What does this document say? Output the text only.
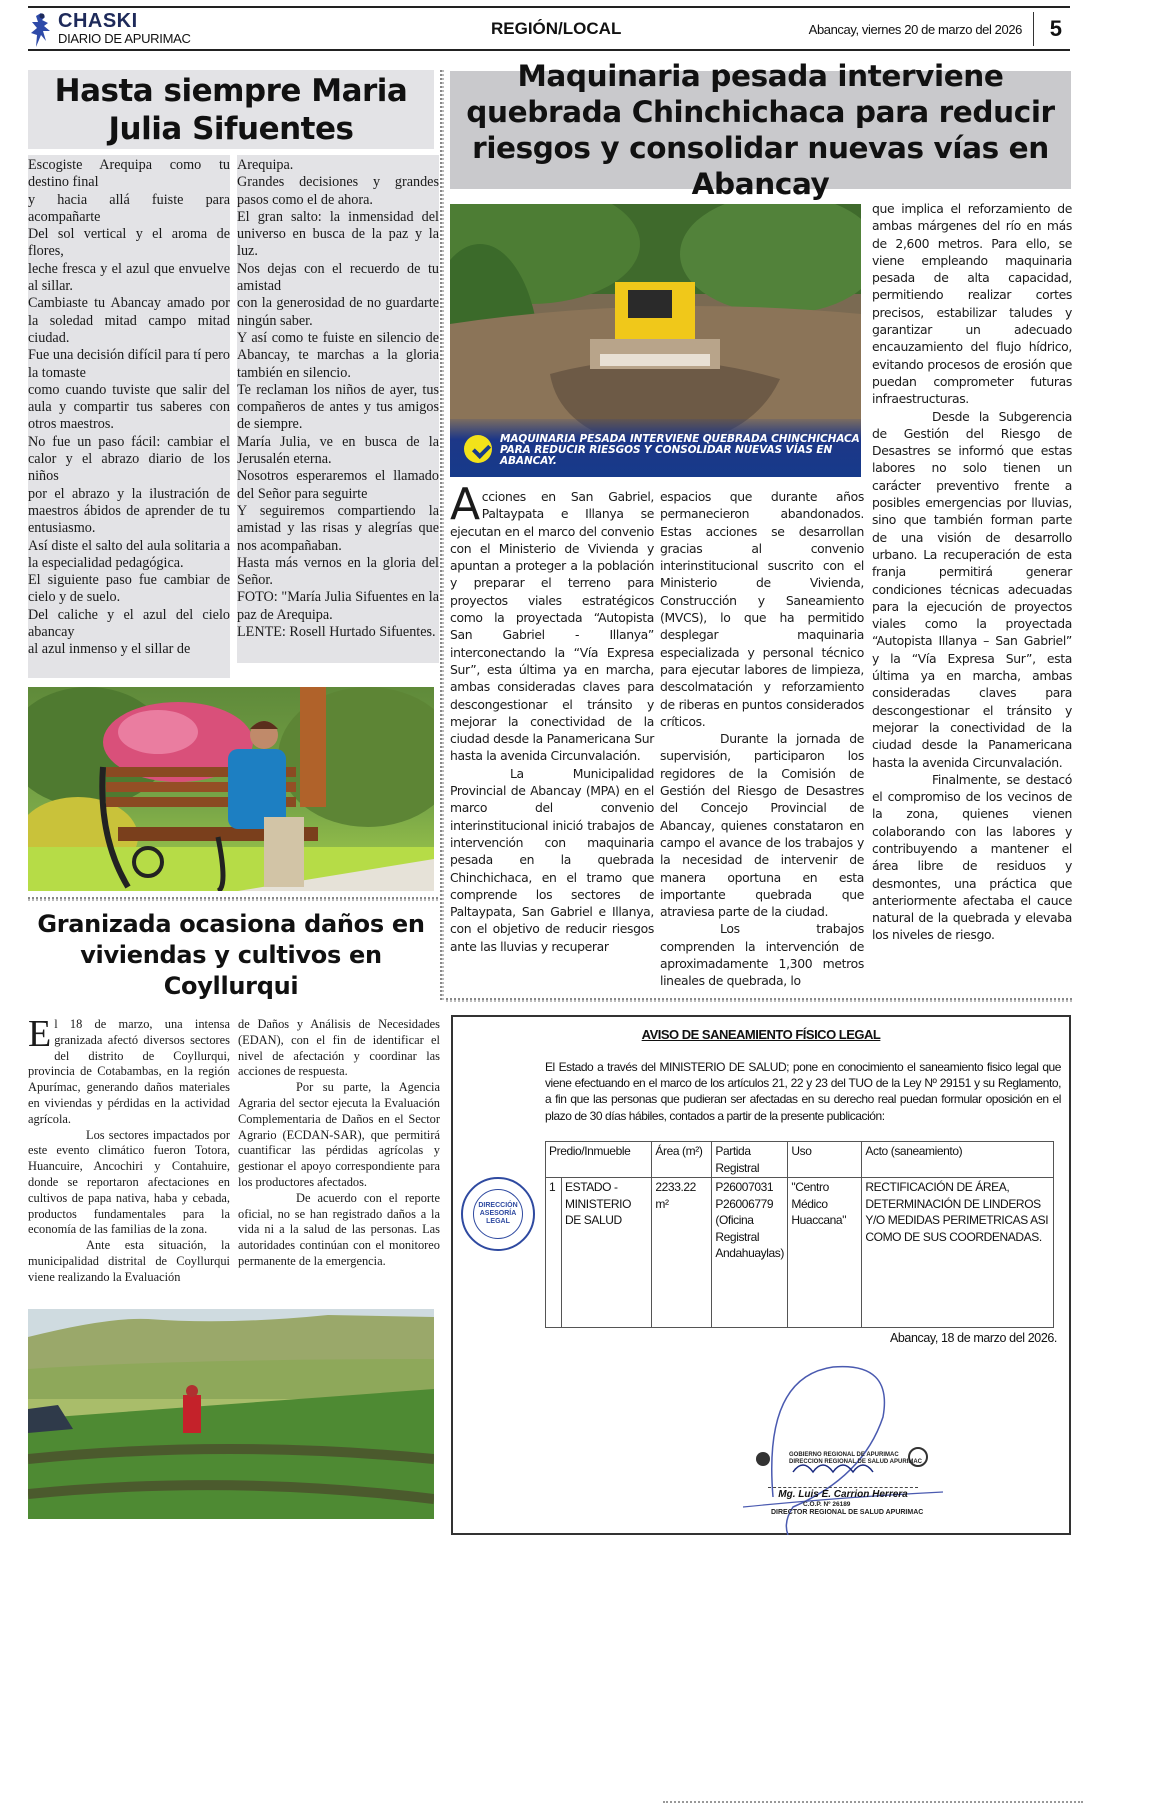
CHASKI
DIARIO DE APURIMAC
REGIÓN/LOCAL	Abancay, viernes 20 de marzo del 2026 5
Hasta siempre Maria Julia Sifuentes

Escogiste Arequipa como tu destino final

y hacia allá fuiste para acompañarte

Del sol vertical y el aroma de flores,

leche fresca y el azul que envuelve al sillar.

Cambiaste tu Abancay amado por la soledad mitad campo mitad ciudad.

Fue una decisión difícil para tí pero la tomaste

como cuando tuviste que salir del aula y compartir tus saberes con otros maestros.

No fue un paso fácil: cambiar el calor y el abrazo diario de los niños

por el abrazo y la ilustración de maestros ábidos de aprender de tu entusiasmo.

Así diste el salto del aula solitaria a la especialidad pedagógica.

El siguiente paso fue cambiar de cielo y de suelo.

Del caliche y el azul del cielo abancay

al azul inmenso y el sillar de

Arequipa.

Grandes decisiones y grandes pasos como el de ahora.

El gran salto: la inmensidad del universo en busca de la paz y la luz.

Nos dejas con el recuerdo de tu amistad

con la generosidad de no guardarte ningún saber.

Y así como te fuiste en silencio de Abancay, te marchas a la gloria también en silencio.

Te reclaman los niños de ayer, tus compañeros de antes y tus amigos de siempre.

María Julia, ve en busca de la Jerusalén eterna.

Nosotros esperaremos el llamado del Señor para seguirte

Y seguiremos compartiendo la amistad y las risas y alegrías que nos acompañaban.

Hasta más vernos en la gloria del Señor.

FOTO: "María Julia Sifuentes en la paz de Arequipa.

LENTE: Rosell Hurtado Sifuentes.

Granizada ocasiona daños en viviendas y cultivos en Coyllurqui

El 18 de marzo, una intensa granizada afectó diversos sectores del distrito de Coyllurqui, provincia de Cotabambas, en la región Apurímac, generando daños materiales en viviendas y pérdidas en la actividad agrícola.

Los sectores impactados por este evento climático fueron Totora, Huancuire, Ancochiri y Contahuire, donde se reportaron afectaciones en cultivos de papa nativa, haba y cebada, productos fundamentales para la economía de las familias de la zona.

Ante esta situación, la municipalidad distrital de Coyllurqui viene realizando la Evaluación

de Daños y Análisis de Necesidades (EDAN), con el fin de identificar el nivel de afectación y coordinar las acciones de respuesta.

Por su parte, la Agencia Agraria del sector ejecuta la Evaluación Complementaria de Daños en el Sector Agrario (ECDAN-SAR), que permitirá cuantificar las pérdidas agrícolas y gestionar el apoyo correspondiente para los productores afectados.

De acuerdo con el reporte oficial, no se han registrado daños a la vida ni a la salud de las personas. Las autoridades continúan con el monitoreo permanente de la emergencia.

Maquinaria pesada interviene quebrada Chinchichaca para reducir riesgos y consolidar nuevas vías en Abancay
MAQUINARIA PESADA INTERVIENE QUEBRADA CHINCHICHACA PARA REDUCIR RIESGOS Y CONSOLIDAR NUEVAS VÍAS EN ABANCAY.

Acciones en San Gabriel, Paltaypata e Illanya se ejecutan en el marco del convenio con el Ministerio de Vivienda y apuntan a proteger a la población y preparar el terreno para proyectos viales estratégicos como la proyectada “Autopista San Gabriel - Illanya” interconectando la “Vía Expresa Sur”, esta última ya en marcha, ambas consideradas claves para descongestionar el tránsito y mejorar la conectividad de la ciudad desde la Panamericana Sur hasta la avenida Circunvalación.

La Municipalidad Provincial de Abancay (MPA) en el marco del convenio interinstitucional inició trabajos de intervención con maquinaria pesada en la quebrada Chinchichaca, en el tramo que comprende los sectores de Paltaypata, San Gabriel e Illanya, con el objetivo de reducir riesgos ante las lluvias y recuperar

espacios que durante años permanecieron abandonados. Estas acciones se desarrollan gracias al convenio interinstitucional suscrito con el Ministerio de Vivienda, Construcción y Saneamiento (MVCS), lo que ha permitido desplegar maquinaria especializada y personal técnico para ejecutar labores de limpieza, descolmatación y reforzamiento de riberas en puntos considerados críticos.

Durante la jornada de supervisión, participaron los regidores de la Comisión de Gestión del Riesgo de Desastres del Concejo Provincial de Abancay, quienes constataron en campo el avance de los trabajos y la necesidad de intervenir de manera oportuna en esta importante quebrada que atraviesa parte de la ciudad.

Los trabajos comprenden la intervención de aproximadamente 1,300 metros lineales de quebrada, lo

que implica el reforzamiento de ambas márgenes del río en más de 2,600 metros. Para ello, se viene empleando maquinaria pesada de alta capacidad, permitiendo realizar cortes precisos, estabilizar taludes y garantizar un adecuado encauzamiento del flujo hídrico, evitando procesos de erosión que puedan comprometer futuras infraestructuras.

Desde la Subgerencia de Gestión del Riesgo de Desastres se informó que estas labores no solo tienen un carácter preventivo frente a posibles emergencias por lluvias, sino que también forman parte de una visión de desarrollo urbano. La recuperación de esta franja permitirá generar condiciones técnicas adecuadas para la ejecución de proyectos viales como la proyectada “Autopista Illanya – San Gabriel” y la “Vía Expresa Sur”, esta última ya en marcha, ambas consideradas claves para descongestionar el tránsito y mejorar la conectividad de la ciudad desde la Panamericana hasta la avenida Circunvalación.

Finalmente, se destacó el compromiso de los vecinos de la zona, quienes vienen colaborando con las labores y contribuyendo a mantener el área libre de residuos y desmontes, una práctica que anteriormente afectaba el cauce natural de la quebrada y elevaba los niveles de riesgo.

AVISO DE SANEAMIENTO FÍSICO LEGAL
El Estado a través del MINISTERIO DE SALUD; pone en conocimiento el saneamiento fisico legal que viene efectuando en el marco de los artículos 21, 22 y 23 del TUO de la Ley Nº 29151 y su Reglamento, a fin que las personas que pudieran ser afectadas en su derecho real puedan formular oposición en el plazo de 30 días hábiles, contados a partir de la presente publicación:
DIRECCIÓN ASESORÍA LEGAL
Predio/Inmueble		Área (m²)	Partida Registral	Uso	Acto (saneamiento)
1	ESTADO - MINISTERIO DE SALUD	2233.22 m²	P26007031 P26006779 (Oficina Registral Andahuaylas)	"Centro Médico Huaccana"	RECTIFICACIÓN DE ÁREA, DETERMINACIÓN DE LINDEROS Y/O MEDIDAS PERIMETRICAS ASI COMO DE SUS COORDENADAS.
Abancay, 18 de marzo del 2026.
GOBIERNO REGIONAL DE APURIMAC
DIRECCION REGIONAL DE SALUD APURIMAC
Mg. Luis E. Carrion Herrera
C.O.P. Nº 26189
DIRECTOR REGIONAL DE SALUD APURIMAC
